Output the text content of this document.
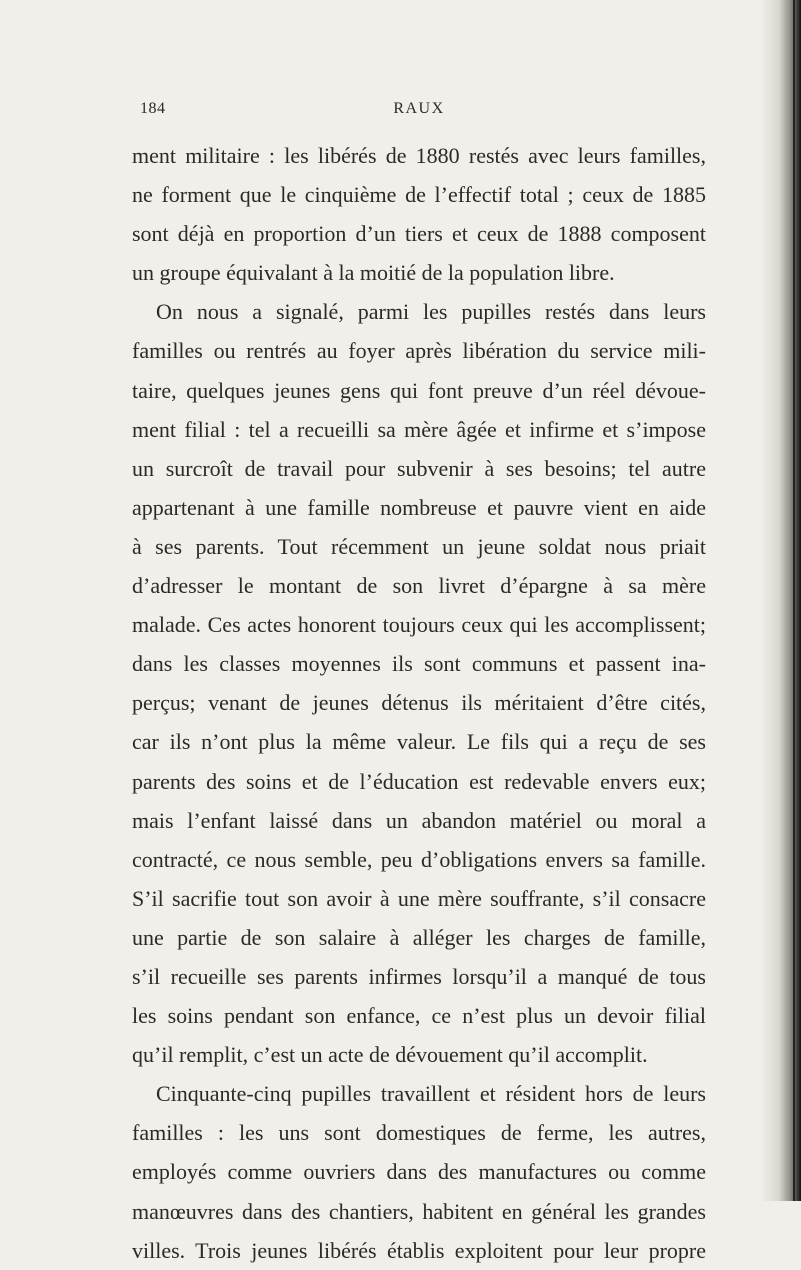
184	RAUX
ment militaire : les libérés de 1880 restés avec leurs familles,
ne forment que le cinquième de l’effectif total ; ceux de 1885
sont déjà en proportion d’un tiers et ceux de 1888 composent
un groupe équivalant à la moitié de la population libre.
On nous a signalé, parmi les pupilles restés dans leurs
familles ou rentrés au foyer après libération du service mili-
taire, quelques jeunes gens qui font preuve d’un réel dévoue-
ment filial : tel a recueilli sa mère âgée et infirme et s’impose
un surcroît de travail pour subvenir à ses besoins; tel autre
appartenant à une famille nombreuse et pauvre vient en aide
à ses parents. Tout récemment un jeune soldat nous priait
d’adresser le montant de son livret d’épargne à sa mère
malade. Ces actes honorent toujours ceux qui les accomplissent;
dans les classes moyennes ils sont communs et passent ina-
perçus; venant de jeunes détenus ils méritaient d’être cités,
car ils n’ont plus la même valeur. Le fils qui a reçu de ses
parents des soins et de l’éducation est redevable envers eux;
mais l’enfant laissé dans un abandon matériel ou moral a
contracté, ce nous semble, peu d’obligations envers sa famille.
S’il sacrifie tout son avoir à une mère souffrante, s’il consacre
une partie de son salaire à alléger les charges de famille,
s’il recueille ses parents infirmes lorsqu’il a manqué de tous
les soins pendant son enfance, ce n’est plus un devoir filial
qu’il remplit, c’est un acte de dévouement qu’il accomplit.
Cinquante-cinq pupilles travaillent et résident hors de leurs
familles : les uns sont domestiques de ferme, les autres,
employés comme ouvriers dans des manufactures ou comme
manœuvres dans des chantiers, habitent en général les grandes
villes. Trois jeunes libérés établis exploitent pour leur propre
